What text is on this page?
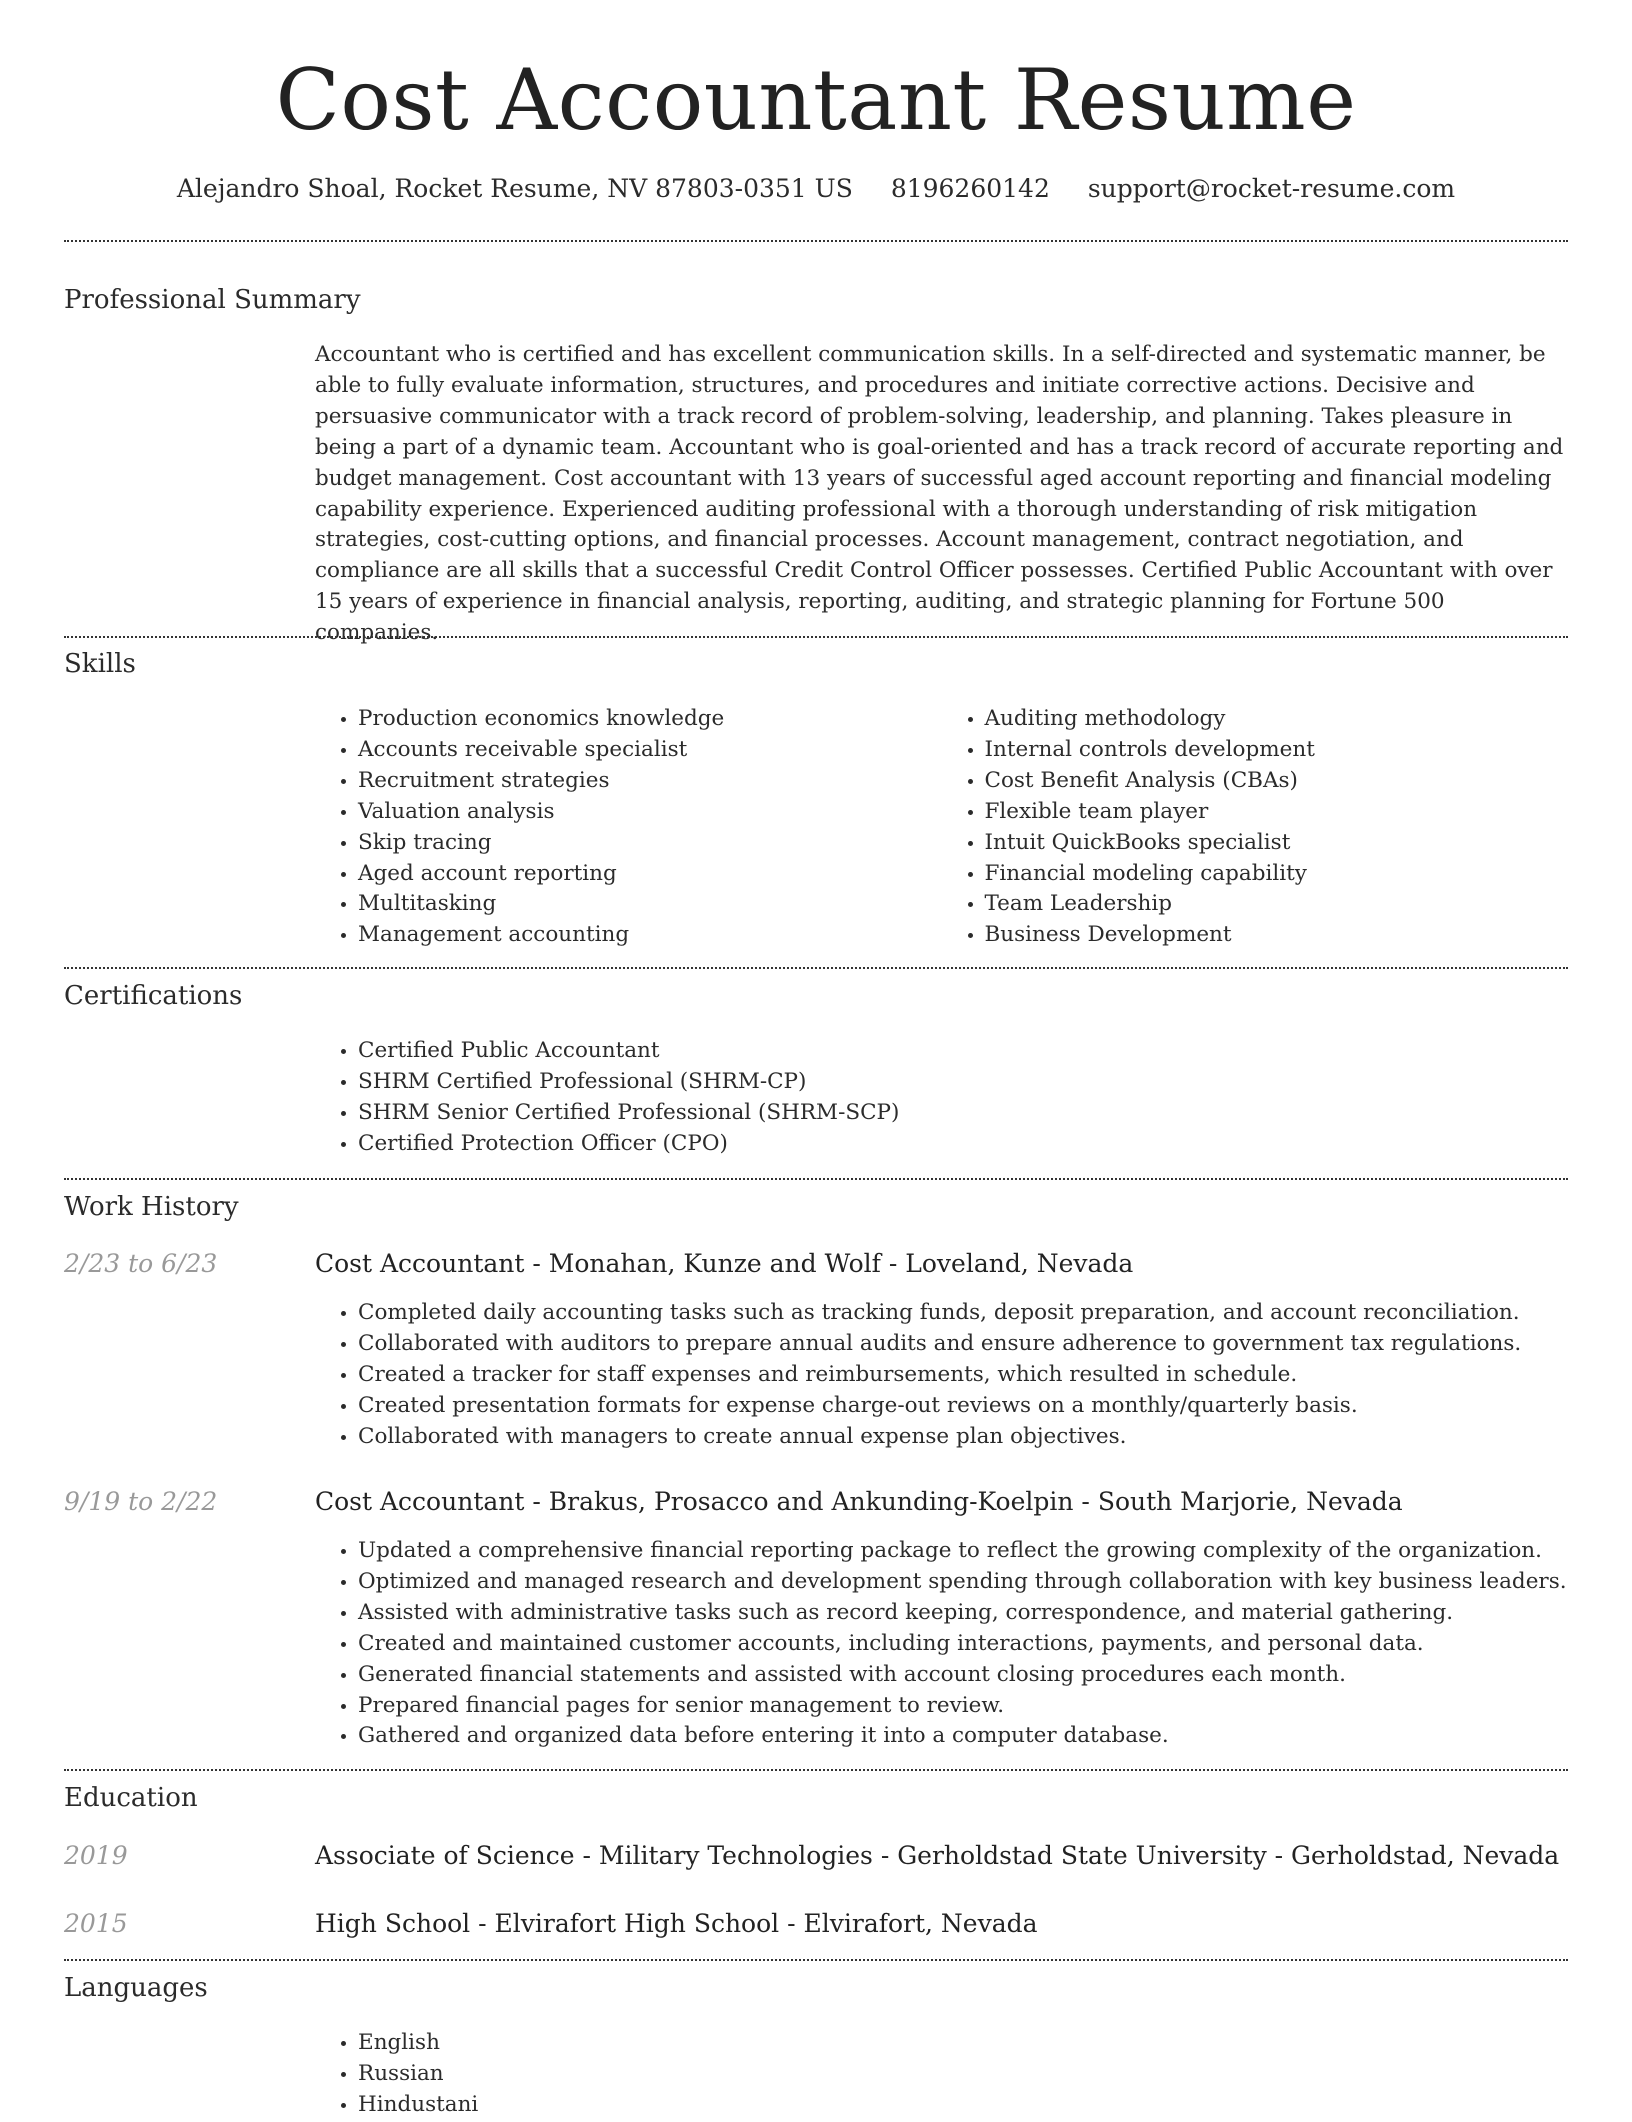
Cost Accountant Resume
Alejandro Shoal, Rocket Resume, NV 87803-0351 US 8196260142 support@rocket-resume.com
Professional Summary

Accountant who is certified and has excellent communication skills. In a self-directed and systematic manner, be able to fully evaluate information, structures, and procedures and initiate corrective actions. Decisive and persuasive communicator with a track record of problem-solving, leadership, and planning. Takes pleasure in being a part of a dynamic team. Accountant who is goal-oriented and has a track record of accurate reporting and budget management. Cost accountant with 13 years of successful aged account reporting and financial modeling capability experience. Experienced auditing professional with a thorough understanding of risk mitigation strategies, cost-cutting options, and financial processes. Account management, contract negotiation, and compliance are all skills that a successful Credit Control Officer possesses. Certified Public Accountant with over 15 years of experience in financial analysis, reporting, auditing, and strategic planning for Fortune 500 companies.

Skills
• Production economics knowledge
• Accounts receivable specialist
• Recruitment strategies
• Valuation analysis
• Skip tracing
• Aged account reporting
• Multitasking
• Management accounting
• Auditing methodology
• Internal controls development
• Cost Benefit Analysis (CBAs)
• Flexible team player
• Intuit QuickBooks specialist
• Financial modeling capability
• Team Leadership
• Business Development
Certifications
• Certified Public Accountant
• SHRM Certified Professional (SHRM-CP)
• SHRM Senior Certified Professional (SHRM-SCP)
• Certified Protection Officer (CPO)
Work History
2/23 to 6/23	Cost Accountant - Monahan, Kunze and Wolf - Loveland, Nevada
• Completed daily accounting tasks such as tracking funds, deposit preparation, and account reconciliation.
• Collaborated with auditors to prepare annual audits and ensure adherence to government tax regulations.
• Created a tracker for staff expenses and reimbursements, which resulted in schedule.
• Created presentation formats for expense charge-out reviews on a monthly/quarterly basis.
• Collaborated with managers to create annual expense plan objectives.
9/19 to 2/22	Cost Accountant - Brakus, Prosacco and Ankunding-Koelpin - South Marjorie, Nevada
• Updated a comprehensive financial reporting package to reflect the growing complexity of the organization.
• Optimized and managed research and development spending through collaboration with key business leaders.
• Assisted with administrative tasks such as record keeping, correspondence, and material gathering.
• Created and maintained customer accounts, including interactions, payments, and personal data.
• Generated financial statements and assisted with account closing procedures each month.
• Prepared financial pages for senior management to review.
• Gathered and organized data before entering it into a computer database.
Education
2019	Associate of Science - Military Technologies - Gerholdstad State University - Gerholdstad, Nevada
2015	High School - Elvirafort High School - Elvirafort, Nevada
Languages
• English
• Russian
• Hindustani
